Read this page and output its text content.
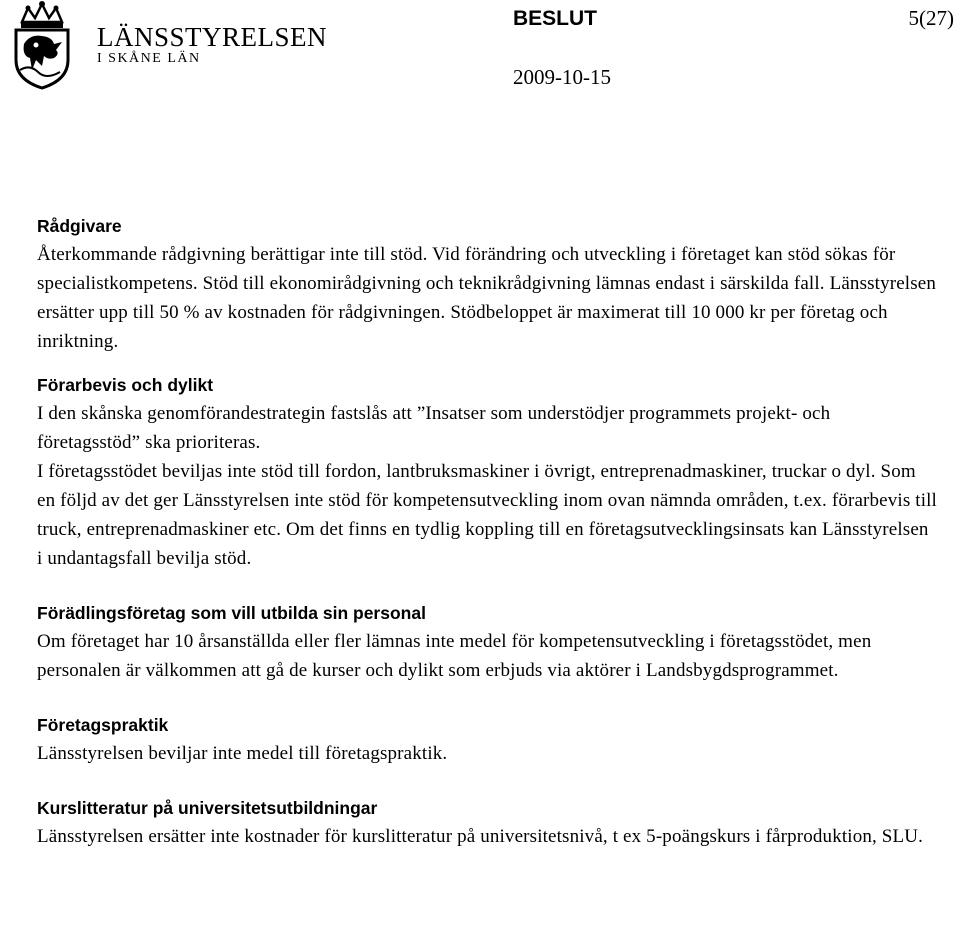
LÄNSSTYRELSEN
I SKÅNE LÄN
BESLUT	5(27)
2009-10-15
Rådgivare

Återkommande rådgivning berättigar inte till stöd. Vid förändring och utveckling i företaget kan stöd sökas för specialistkompetens. Stöd till ekonomirådgivning och teknikrådgivning lämnas endast i särskilda fall. Länsstyrelsen ersätter upp till 50 % av kostnaden för rådgivningen. Stödbeloppet är maximerat till 10 000 kr per företag och inriktning.

Förarbevis och dylikt

I den skånska genomförandestrategin fastslås att ”Insatser som understödjer programmets projekt- och företagsstöd” ska prioriteras.

I företagsstödet beviljas inte stöd till fordon, lantbruksmaskiner i övrigt, entreprenadmaskiner, truckar o dyl. Som en följd av det ger Länsstyrelsen inte stöd för kompetensutveckling inom ovan nämnda områden, t.ex. förarbevis till truck, entreprenadmaskiner etc. Om det finns en tydlig koppling till en företagsutvecklingsinsats kan Länsstyrelsen i undantagsfall bevilja stöd.

Förädlingsföretag som vill utbilda sin personal

Om företaget har 10 årsanställda eller fler lämnas inte medel för kompetensutveckling i företagsstödet, men personalen är välkommen att gå de kurser och dylikt som erbjuds via aktörer i Landsbygdsprogrammet.

Företagspraktik

Länsstyrelsen beviljar inte medel till företagspraktik.

Kurslitteratur på universitetsutbildningar

Länsstyrelsen ersätter inte kostnader för kurslitteratur på universitetsnivå, t ex 5-poängskurs i fårproduktion, SLU.
